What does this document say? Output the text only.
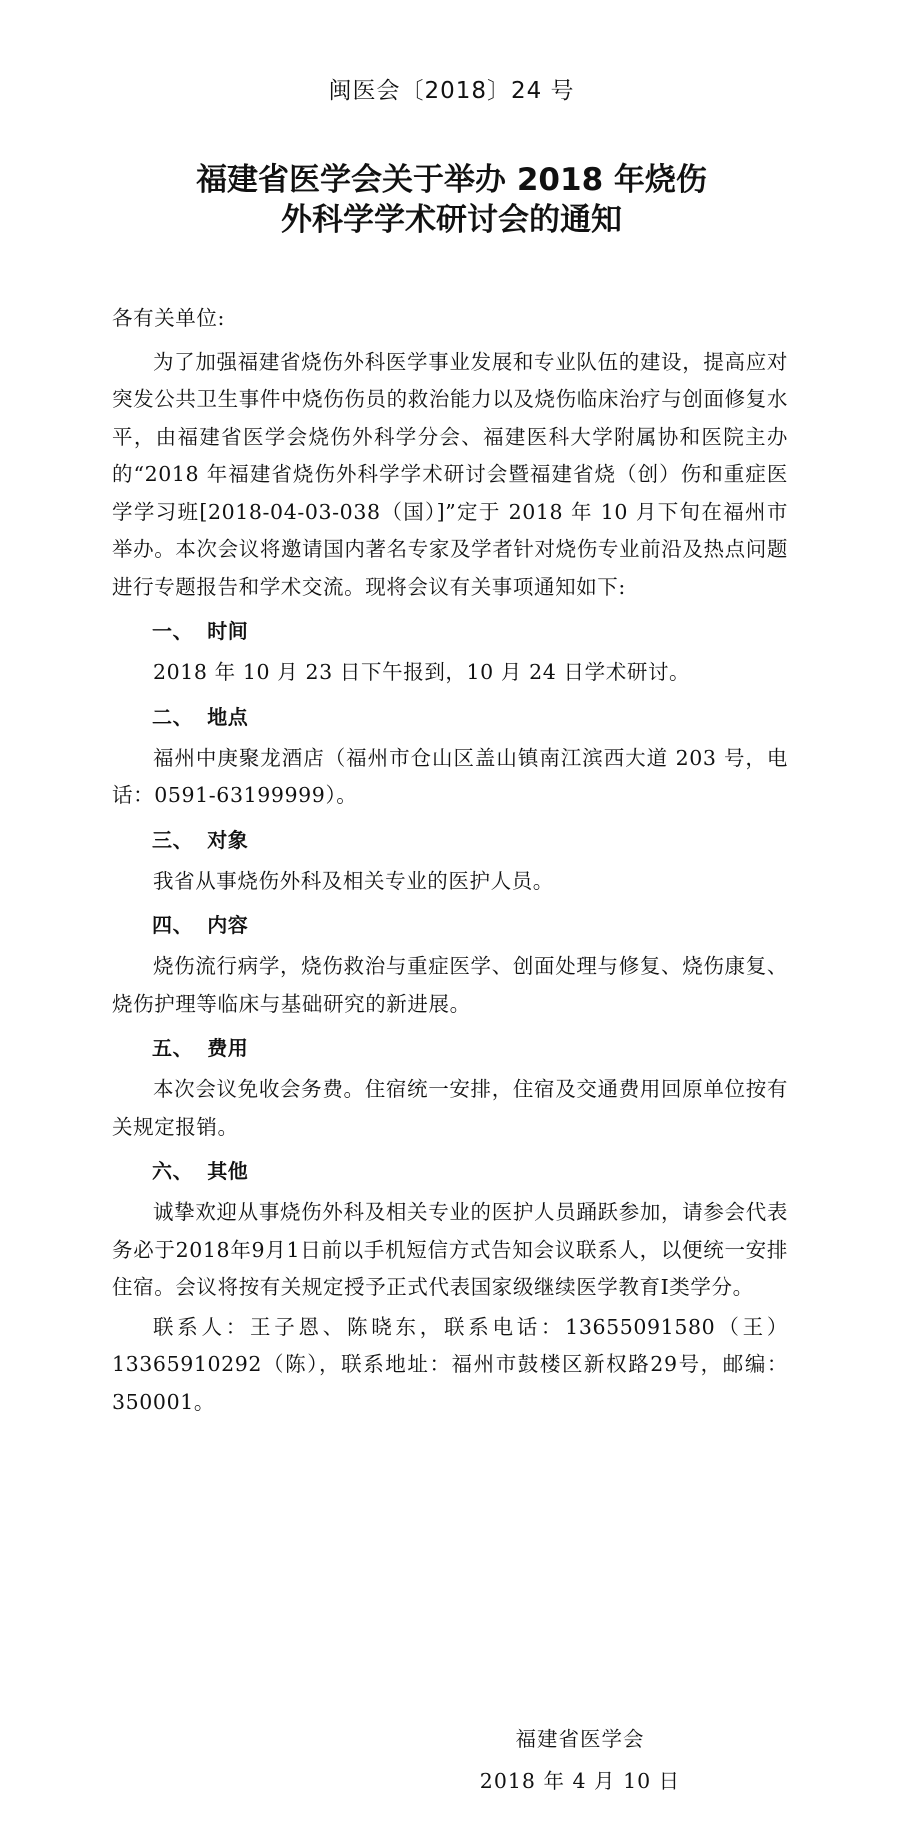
闽医会〔2018〕24 号
福建省医学会关于举办 2018 年烧伤
外科学学术研讨会的通知
各有关单位:

为了加强福建省烧伤外科医学事业发展和专业队伍的建设，提高应对突发公共卫生事件中烧伤伤员的救治能力以及烧伤临床治疗与创面修复水平，由福建省医学会烧伤外科学分会、福建医科大学附属协和医院主办的“2018 年福建省烧伤外科学学术研讨会暨福建省烧（创）伤和重症医学学习班[2018-04-03-038（国）]”定于 2018 年 10 月下旬在福州市举办。本次会议将邀请国内著名专家及学者针对烧伤专业前沿及热点问题进行专题报告和学术交流。现将会议有关事项通知如下:

一、 时间

2018 年 10 月 23 日下午报到，10 月 24 日学术研讨。

二、 地点

福州中庚聚龙酒店（福州市仓山区盖山镇南江滨西大道 203 号，电话：0591-63199999）。

三、 对象

我省从事烧伤外科及相关专业的医护人员。

四、 内容

烧伤流行病学，烧伤救治与重症医学、创面处理与修复、烧伤康复、烧伤护理等临床与基础研究的新进展。

五、 费用

本次会议免收会务费。住宿统一安排，住宿及交通费用回原单位按有关规定报销。

六、 其他

诚挚欢迎从事烧伤外科及相关专业的医护人员踊跃参加，请参会代表务必于2018年9月1日前以手机短信方式告知会议联系人，以便统一安排住宿。会议将按有关规定授予正式代表国家级继续医学教育Ⅰ类学分。

联系人：王子恩、陈晓东，联系电话：13655091580（王）13365910292（陈），联系地址：福州市鼓楼区新权路29号，邮编：350001。

福建省医学会
2018 年 4 月 10 日
